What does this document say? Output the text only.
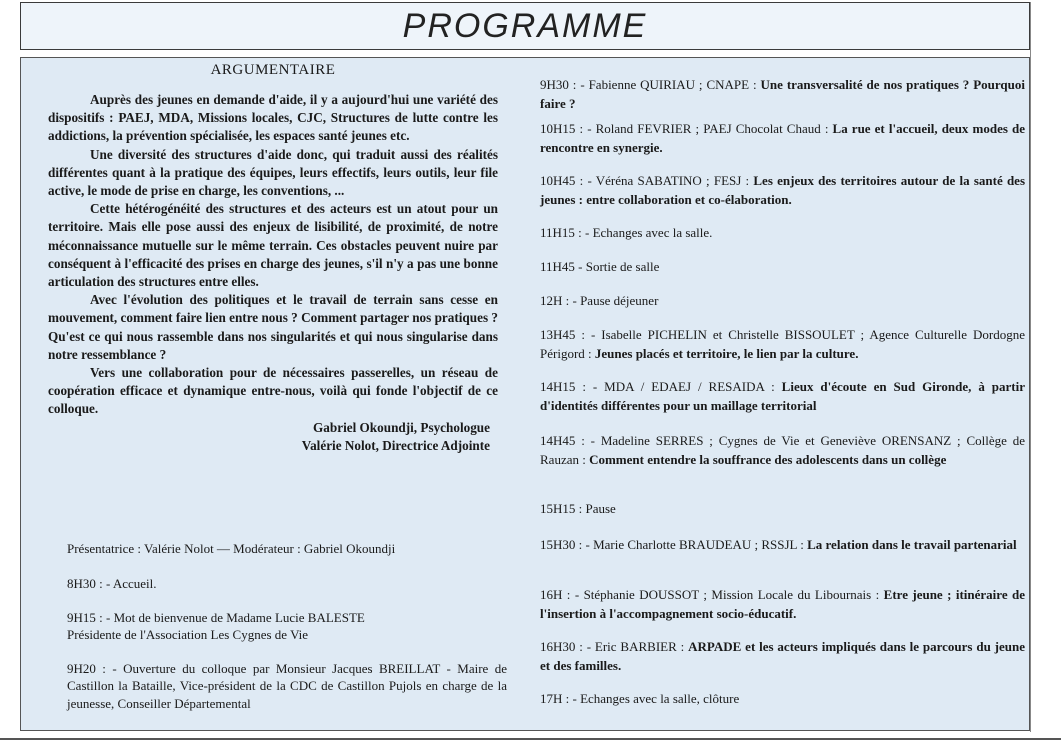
PROGRAMME
ARGUMENTAIRE

Auprès des jeunes en demande d'aide, il y a aujourd'hui une variété des dispositifs : PAEJ, MDA, Missions locales, CJC, Structures de lutte contre les addictions, la prévention spécialisée, les espaces santé jeunes etc.

Une diversité des structures d'aide donc, qui traduit aussi des réalités différentes quant à la pratique des équipes, leurs effectifs, leurs outils, leur file active, le mode de prise en charge, les conventions, ...

Cette hétérogénéité des structures et des acteurs est un atout pour un territoire. Mais elle pose aussi des enjeux de lisibilité, de proximité, de notre méconnaissance mutuelle sur le même terrain. Ces obstacles peuvent nuire par conséquent à l'efficacité des prises en charge des jeunes, s'il n'y a pas une bonne articulation des structures entre elles.

Avec l'évolution des politiques et le travail de terrain sans cesse en mouvement, comment faire lien entre nous ? Comment partager nos pratiques ? Qu'est ce qui nous rassemble dans nos singularités et qui nous singularise dans notre ressemblance ?

Vers une collaboration pour de nécessaires passerelles, un réseau de coopération efficace et dynamique entre-nous, voilà qui fonde l'objectif de ce colloque.

Gabriel Okoundji, Psychologue
Valérie Nolot, Directrice Adjointe
Présentatrice : Valérie Nolot — Modérateur : Gabriel Okoundji

8H30 : - Accueil.

9H15 : - Mot de bienvenue de Madame Lucie BALESTE Présidente de l'Association Les Cygnes de Vie

9H20 : - Ouverture du colloque par Monsieur Jacques BREILLAT - Maire de Castillon la Bataille, Vice-président de la CDC de Castillon Pujols en charge de la jeunesse, Conseiller Départemental

9H30 : - Fabienne QUIRIAU ; CNAPE : Une transversalité de nos pratiques ? Pourquoi faire ?
10H15 : - Roland FEVRIER ; PAEJ Chocolat Chaud : La rue et l'accueil, deux modes de rencontre en synergie.
10H45 : - Véréna SABATINO ; FESJ : Les enjeux des territoires autour de la santé des jeunes : entre collaboration et co-élaboration.
11H15 : - Echanges avec la salle.
11H45 - Sortie de salle
12H : - Pause déjeuner
13H45 : - Isabelle PICHELIN et Christelle BISSOULET ; Agence Culturelle Dordogne Périgord : Jeunes placés et territoire, le lien par la culture.
14H15 : - MDA / EDAEJ / RESAIDA : Lieux d'écoute en Sud Gironde, à partir d'identités différentes pour un maillage territorial
14H45 : - Madeline SERRES ; Cygnes de Vie et Geneviève ORENSANZ ; Collège de Rauzan : Comment entendre la souffrance des adolescents dans un collège
15H15 : Pause
15H30 : - Marie Charlotte BRAUDEAU ; RSSJL : La relation dans le travail partenarial
16H : - Stéphanie DOUSSOT ; Mission Locale du Libournais : Etre jeune ; itinéraire de l'insertion à l'accompagnement socio-éducatif.
16H30 : - Eric BARBIER : ARPADE et les acteurs impliqués dans le parcours du jeune et des familles.
17H : - Echanges avec la salle, clôture
